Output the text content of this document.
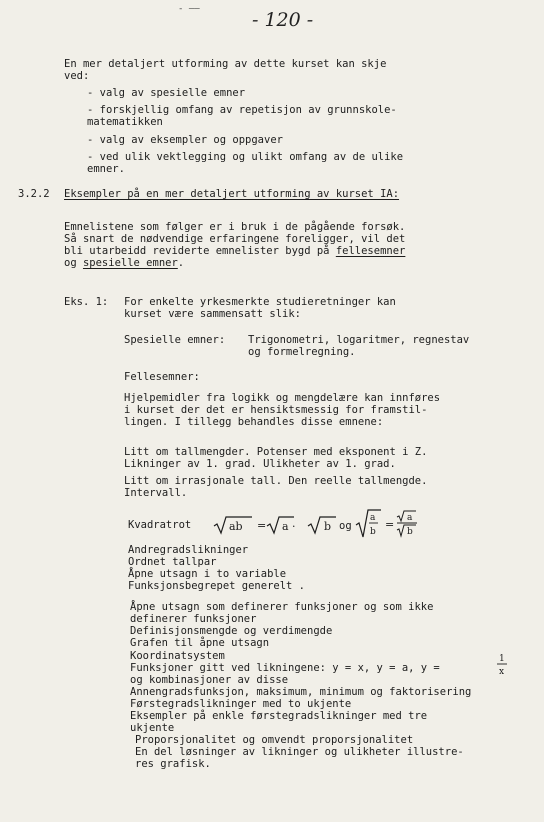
- 120 -
- ——
En mer detaljert utforming av dette kurset kan skje
ved:
- valg av spesielle emner
- forskjellig omfang av repetisjon av grunnskole-
matematikken
- valg av eksempler og oppgaver
- ved ulik vektlegging og ulikt omfang av de ulike
emner.
3.2.2 Eksempler på en mer detaljert utforming av kurset IA:
Emnelistene som følger er i bruk i de pågående forsøk.
Så snart de nødvendige erfaringene foreligger, vil det
bli utarbeidd reviderte emnelister bygd på fellesemner
og spesielle emner.
Eks. 1: For enkelte yrkesmerkte studieretninger kan
kurset være sammensatt slik:
Spesielle emner: Trigonometri, logaritmer, regnestav
og formelregning.
Fellesemner:
Hjelpemidler fra logikk og mengdelære kan innføres
i kurset der det er hensiktsmessig for framstil-
lingen. I tillegg behandles disse emnene:
Litt om tallmengder. Potenser med eksponent i Z.
Likninger av 1. grad. Ulikheter av 1. grad.
Litt om irrasjonale tall. Den reelle tallmengde.
Intervall.
Kvadratrot	ab = a ·	b og
a
b
= a
b
Andregradslikninger
Ordnet tallpar
Åpne utsagn i to variable
Funksjonsbegrepet generelt .
Åpne utsagn som definerer funksjoner og som ikke
definerer funksjoner
Definisjonsmengde og verdimengde
Grafen til åpne utsagn
Koordinatsystem
Funksjoner gitt ved likningene: y = x, y = a, y =
1
x
og kombinasjoner av disse
Annengradsfunksjon, maksimum, minimum og faktorisering
Førstegradslikninger med to ukjente
Eksempler på enkle førstegradslikninger med tre
ukjente
Proporsjonalitet og omvendt proporsjonalitet
En del løsninger av likninger og ulikheter illustre-
res grafisk.
